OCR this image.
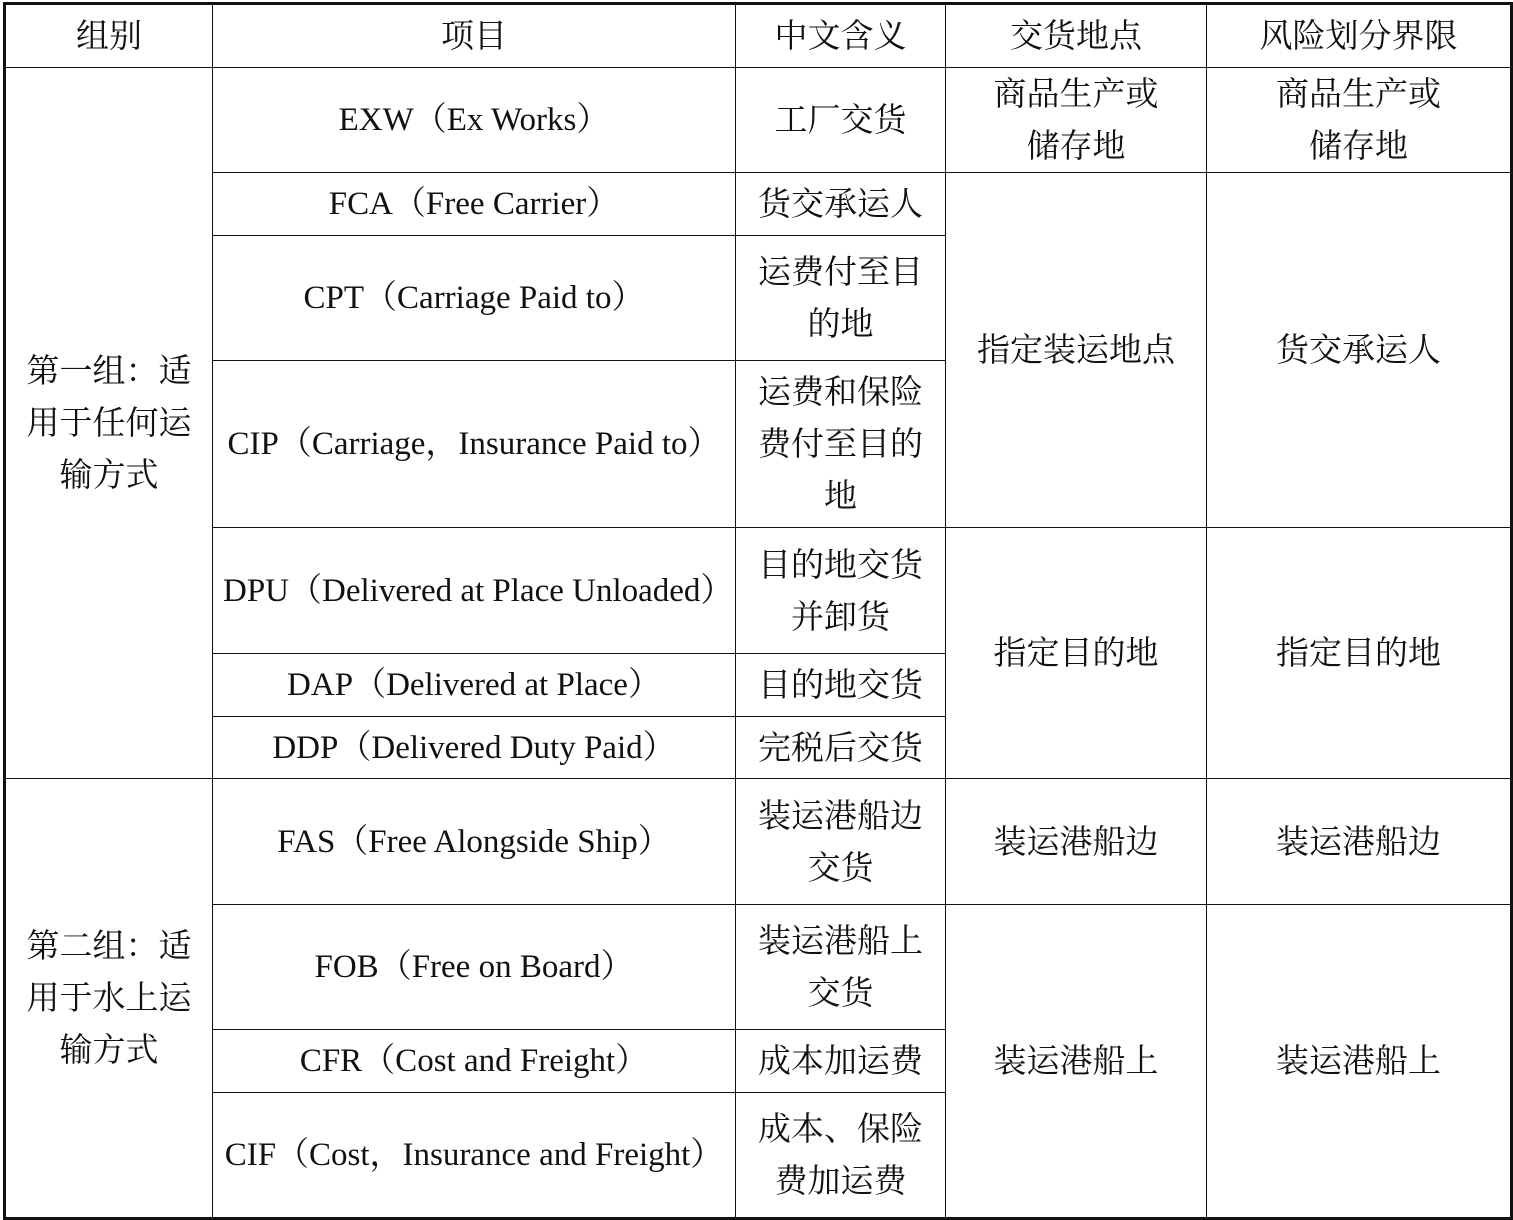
组别	项目	中文含义	交货地点	风险划分界限
第一组：适用于任何运输方式	EXW（Ex Works）	工厂交货	商品生产或储存地	商品生产或储存地
	FCA（Free Carrier）	货交承运人	指定装运地点	货交承运人
	CPT（Carriage Paid to）	运费付至目的地		
	CIP（Carriage，Insurance Paid to）	运费和保险费付至目的地		
	DPU（Delivered at Place Unloaded）	目的地交货并卸货	指定目的地	指定目的地
	DAP（Delivered at Place）	目的地交货		
	DDP（Delivered Duty Paid）	完税后交货		
第二组：适用于水上运输方式	FAS（Free Alongside Ship）	装运港船边交货	装运港船边	装运港船边
	FOB（Free on Board）	装运港船上交货	装运港船上	装运港船上
	CFR（Cost and Freight）	成本加运费		
	CIF（Cost，Insurance and Freight）	成本、保险费加运费		
